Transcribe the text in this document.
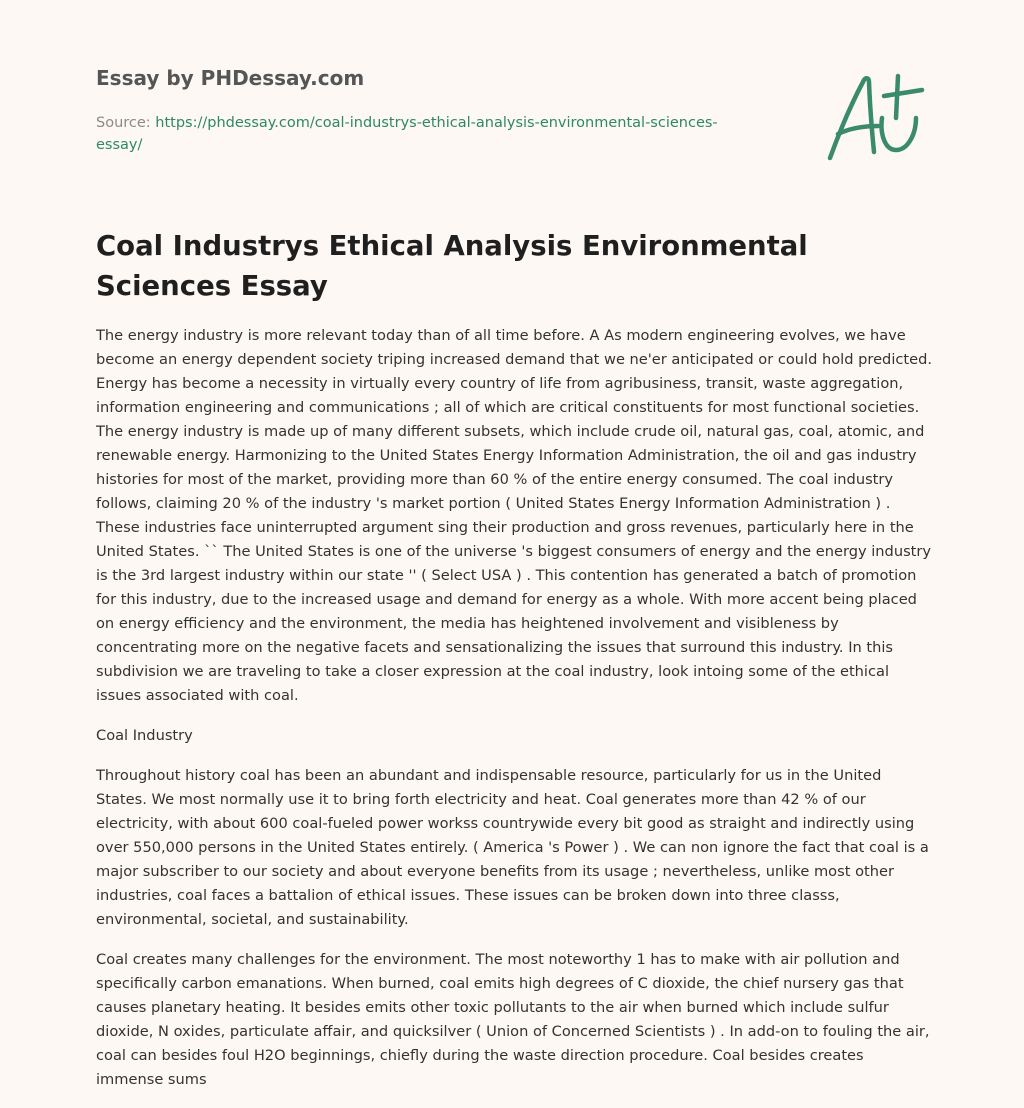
Essay by PHDessay.com
Source: https://phdessay.com/coal-industrys-ethical-analysis-environmental-sciences-essay/
Coal Industrys Ethical Analysis Environmental Sciences Essay

The energy industry is more relevant today than of all time before. A As modern engineering evolves, we have become an energy dependent society triping increased demand that we ne'er anticipated or could hold predicted. Energy has become a necessity in virtually every country of life from agribusiness, transit, waste aggregation, information engineering and communications ; all of which are critical constituents for most functional societies. The energy industry is made up of many different subsets, which include crude oil, natural gas, coal, atomic, and renewable energy. Harmonizing to the United States Energy Information Administration, the oil and gas industry histories for most of the market, providing more than 60 % of the entire energy consumed. The coal industry follows, claiming 20 % of the industry 's market portion ( United States Energy Information Administration ) . These industries face uninterrupted argument sing their production and gross revenues, particularly here in the United States. `` The United States is one of the universe 's biggest consumers of energy and the energy industry is the 3rd largest industry within our state '' ( Select USA ) . This contention has generated a batch of promotion for this industry, due to the increased usage and demand for energy as a whole. With more accent being placed on energy efficiency and the environment, the media has heightened involvement and visibleness by concentrating more on the negative facets and sensationalizing the issues that surround this industry. In this subdivision we are traveling to take a closer expression at the coal industry, look intoing some of the ethical issues associated with coal.

Coal Industry

Throughout history coal has been an abundant and indispensable resource, particularly for us in the United States. We most normally use it to bring forth electricity and heat. Coal generates more than 42 % of our electricity, with about 600 coal-fueled power workss countrywide every bit good as straight and indirectly using over 550,000 persons in the United States entirely. ( America 's Power ) . We can non ignore the fact that coal is a major subscriber to our society and about everyone benefits from its usage ; nevertheless, unlike most other industries, coal faces a battalion of ethical issues. These issues can be broken down into three classs, environmental, societal, and sustainability.

Coal creates many challenges for the environment. The most noteworthy 1 has to make with air pollution and specifically carbon emanations. When burned, coal emits high degrees of C dioxide, the chief nursery gas that causes planetary heating. It besides emits other toxic pollutants to the air when burned which include sulfur dioxide, N oxides, particulate affair, and quicksilver ( Union of Concerned Scientists ) . In add-on to fouling the air, coal can besides foul H2O beginnings, chiefly during the waste direction procedure. Coal besides creates immense sums
